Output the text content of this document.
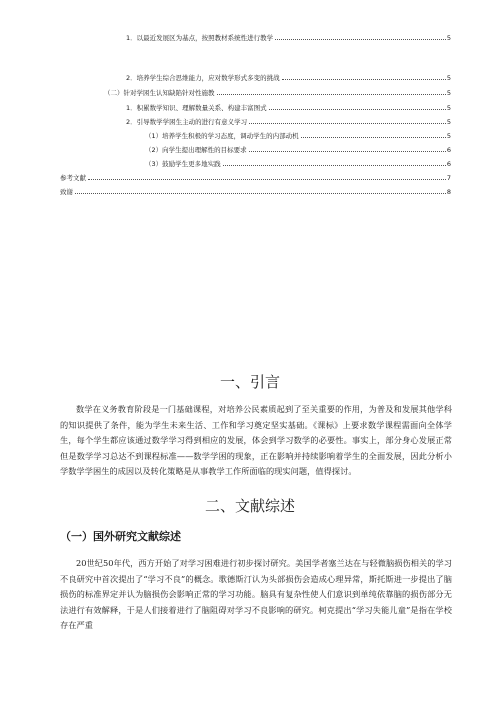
1．以最近发展区为基点，按照教材系统性进行教学	5
2．培养学生综合思维能力，应对数学形式多变的挑战	5
（二）针对学困生认知缺陷针对性施教	5
1．积累数学知识、理解数量关系、构建丰富图式	5
2．引导数学学困生主动的进行有意义学习	5
（1）培养学生积极的学习态度，调动学生的内部动机	5
（2）向学生提出理解性的目标要求	6
（3）鼓励学生更多地实践	6
参考文献	7
致谢	8
一、引言
数学在义务教育阶段是一门基础课程，对培养公民素质起到了至关重要的作用，为普及和发展其他学科的知识提供了条件，能为学生未来生活、工作和学习奠定坚实基础。《课标》上要求数学课程需面向全体学生，每个学生都应该通过数学学习得到相应的发展，体会到学习数学的必要性。事实上，部分身心发展正常但是数学学习总达不到课程标准——数学学困的现象，正在影响并持续影响着学生的全面发展，因此分析小学数学学困生的成因以及转化策略是从事教学工作所面临的现实问题，值得探讨。
二、文献综述
（一）国外研究文献综述
20世纪50年代，西方开始了对学习困难进行初步探讨研究。美国学者塞兰达在与轻微脑损伤相关的学习不良研究中首次提出了“学习不良”的概念。歌德斯汀认为头部损伤会造成心理异常，斯托斯进一步提出了脑损伤的标准界定并认为脑损伤会影响正常的学习功能。脑具有复杂性使人们意识到单纯依靠脑的损伤部分无法进行有效解释，于是人们接着进行了脑阻碍对学习不良影响的研究。柯克提出“学习失能儿童”是指在学校存在严重
